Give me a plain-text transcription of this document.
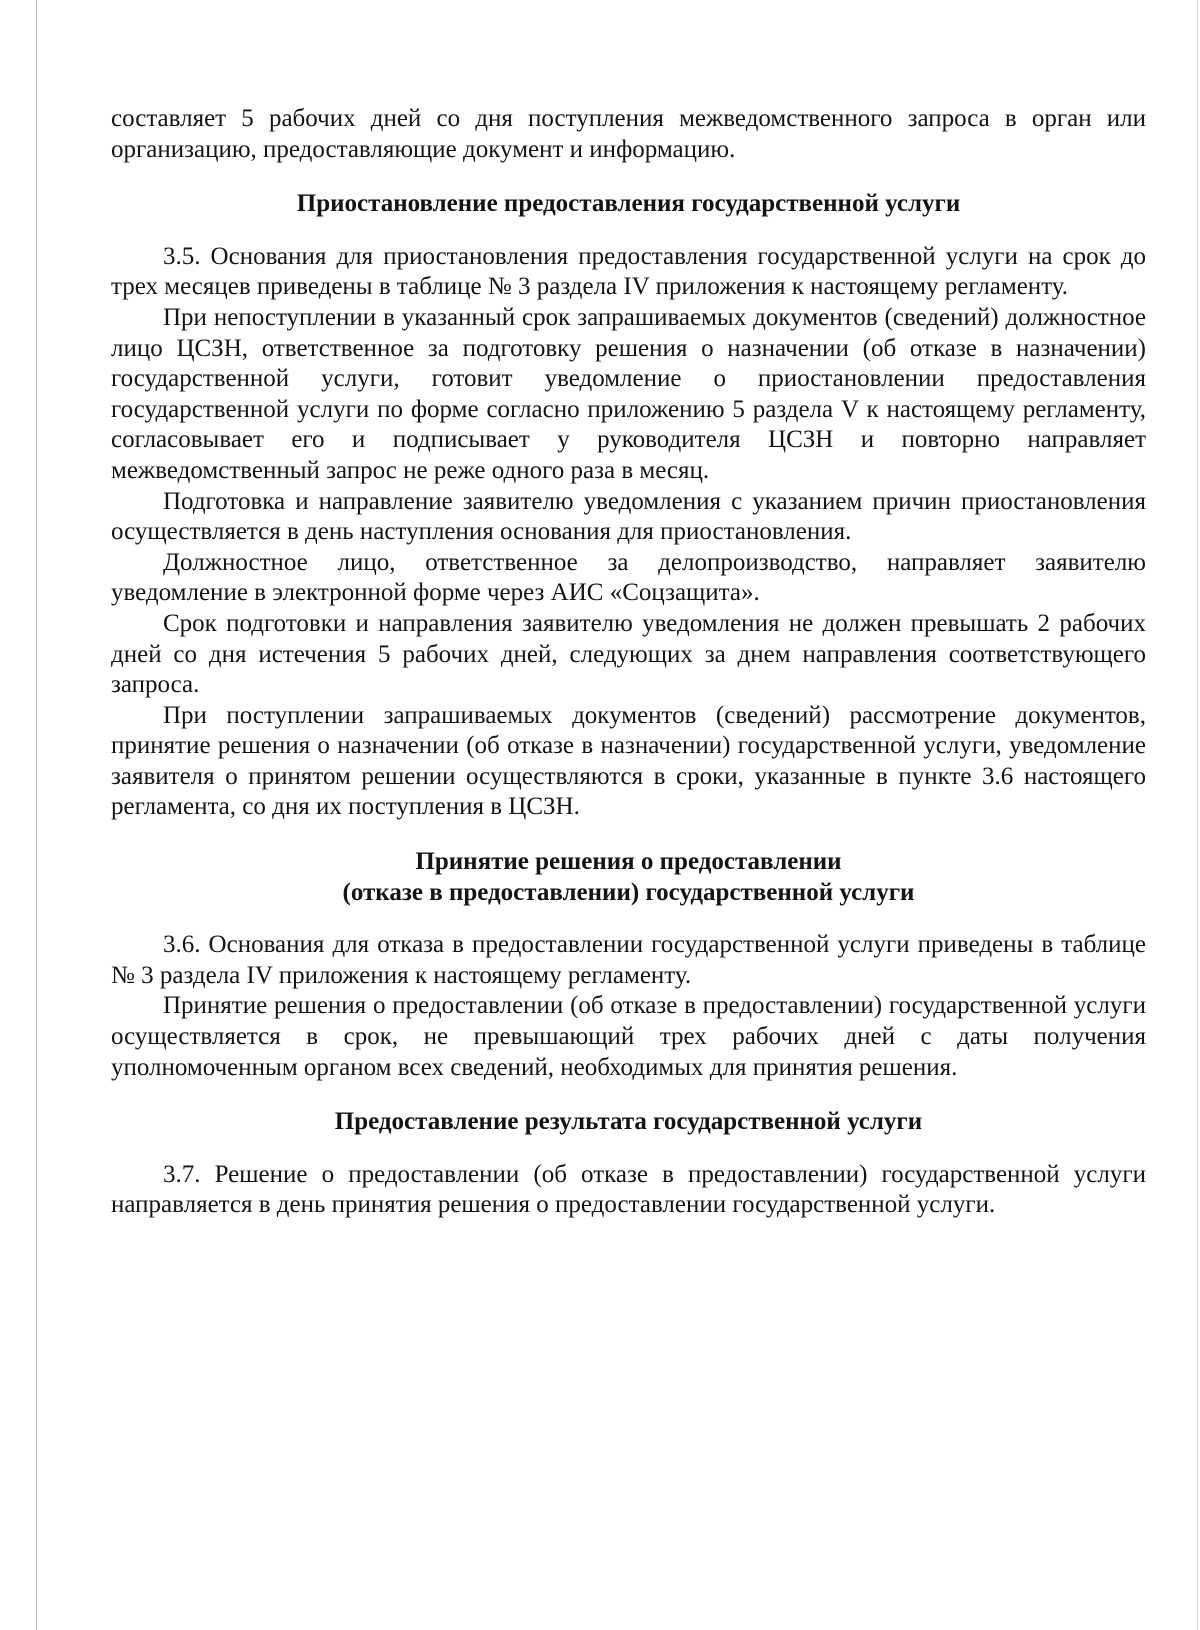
составляет 5 рабочих дней со дня поступления межведомственного запроса в орган или организацию, предоставляющие документ и информацию.

Приостановление предоставления государственной услуги

3.5. Основания для приостановления предоставления государственной услуги на срок до трех месяцев приведены в таблице № 3 раздела IV приложения к настоящему регламенту.

При непоступлении в указанный срок запрашиваемых документов (сведений) должностное лицо ЦСЗН, ответственное за подготовку решения о назначении (об отказе в назначении) государственной услуги, готовит уведомление о приостановлении предоставления государственной услуги по форме согласно приложению 5 раздела V к настоящему регламенту, согласовывает его и подписывает у руководителя ЦСЗН и повторно направляет межведомственный запрос не реже одного раза в месяц.

Подготовка и направление заявителю уведомления с указанием причин приостановления осуществляется в день наступления основания для приостановления.

Должностное лицо, ответственное за делопроизводство, направляет заявителю уведомление в электронной форме через АИС «Соцзащита».

Срок подготовки и направления заявителю уведомления не должен превышать 2 рабочих дней со дня истечения 5 рабочих дней, следующих за днем направления соответствующего запроса.

При поступлении запрашиваемых документов (сведений) рассмотрение документов, принятие решения о назначении (об отказе в назначении) государственной услуги, уведомление заявителя о принятом решении осуществляются в сроки, указанные в пункте 3.6 настоящего регламента, со дня их поступления в ЦСЗН.

Принятие решения о предоставлении

(отказе в предоставлении) государственной услуги

3.6. Основания для отказа в предоставлении государственной услуги приведены в таблице № 3 раздела IV приложения к настоящему регламенту.

Принятие решения о предоставлении (об отказе в предоставлении) государственной услуги осуществляется в срок, не превышающий трех рабочих дней с даты получения уполномоченным органом всех сведений, необходимых для принятия решения.

Предоставление результата государственной услуги

3.7. Решение о предоставлении (об отказе в предоставлении) государственной услуги направляется в день принятия решения о предоставлении государственной услуги.
